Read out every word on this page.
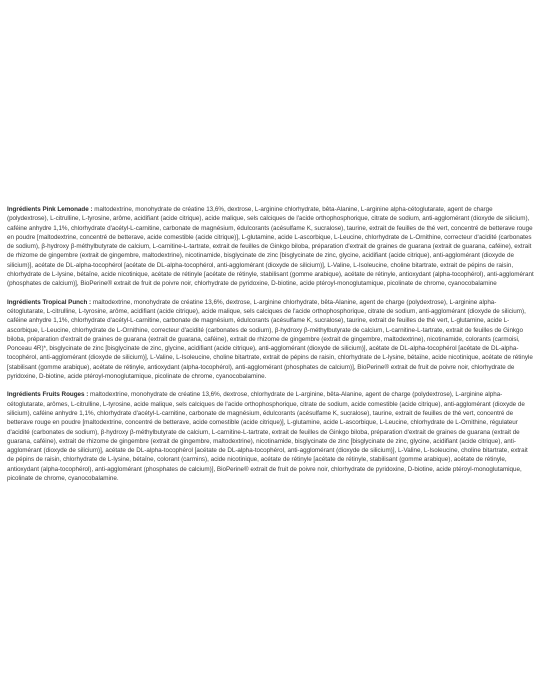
Ingrédients Pink Lemonade : maltodextrine, monohydrate de créatine 13,6%, dextrose, L-arginine chlorhydrate, bêta-Alanine, L-arginine alpha-cétoglutarate, agent de charge (polydextrose), L-citrulline, L-tyrosine, arôme, acidifiant (acide citrique), acide malique, sels calciques de l'acide orthophosphorique, citrate de sodium, anti-agglomérant (dioxyde de silicium), caféine anhydre 1,1%, chlorhydrate d'acétyl-L-carnitine, carbonate de magnésium, édulcorants (acésulfame K, sucralose), taurine, extrait de feuilles de thé vert, concentré de betterave rouge en poudre [maltodextrine, concentré de betterave, acide comestible (acide citrique)], L-glutamine, acide L-ascorbique, L-Leucine, chlorhydrate de L-Ornithine, correcteur d'acidité (carbonates de sodium), β-hydroxy β-méthylbutyrate de calcium, L-carnitine-L-tartrate, extrait de feuilles de Ginkgo biloba, préparation d'extrait de graines de guarana (extrait de guarana, caféine), extrait de rhizome de gingembre (extrait de gingembre, maltodextrine), nicotinamide, bisglycinate de zinc [bisglycinate de zinc, glycine, acidifiant (acide citrique), anti-agglomérant (dioxyde de silicium)], acétate de DL-alpha-tocophérol [acétate de DL-alpha-tocophérol, anti-agglomérant (dioxyde de silicium)], L-Valine, L-Isoleucine, choline bitartrate, extrait de pépins de raisin, chlorhydrate de L-lysine, bétaïne, acide nicotinique, acétate de rétinyle [acétate de rétinyle, stabilisant (gomme arabique), acétate de rétinyle, antioxydant (alpha-tocophérol), anti-agglomérant (phosphates de calcium)], BioPerine® extrait de fruit de poivre noir, chlorhydrate de pyridoxine, D-biotine, acide ptéroyl-monoglutamique, picolinate de chrome, cyanocobalamine

Ingrédients Tropical Punch : maltodextrine, monohydrate de créatine 13,6%, dextrose, L-arginine chlorhydrate, bêta-Alanine, agent de charge (polydextrose), L-arginine alpha-cétoglutarate, L-citrulline, L-tyrosine, arôme, acidifiant (acide citrique), acide malique, sels calciques de l'acide orthophosphorique, citrate de sodium, anti-agglomérant (dioxyde de silicium), caféine anhydre 1,1%, chlorhydrate d'acétyl-L-carnitine, carbonate de magnésium, édulcorants (acésulfame K, sucralose), taurine, extrait de feuilles de thé vert, L-glutamine, acide L-ascorbique, L-Leucine, chlorhydrate de L-Ornithine, correcteur d'acidité (carbonates de sodium), β-hydroxy β-méthylbutyrate de calcium, L-carnitine-L-tartrate, extrait de feuilles de Ginkgo biloba, préparation d'extrait de graines de guarana (extrait de guarana, caféine), extrait de rhizome de gingembre (extrait de gingembre, maltodextrine), nicotinamide, colorants (carmoisi, Ponceau 4R)*, bisglycinate de zinc [bisglycinate de zinc, glycine, acidifiant (acide citrique), anti-agglomérant (dioxyde de silicium)], acétate de DL-alpha-tocophérol [acétate de DL-alpha-tocophérol, anti-agglomérant (dioxyde de silicium)], L-Valine, L-Isoleucine, choline bitartrate, extrait de pépins de raisin, chlorhydrate de L-lysine, bétaïne, acide nicotinique, acétate de rétinyle [stabilisant (gomme arabique), acétate de rétinyle, antioxydant (alpha-tocophérol), anti-agglomérant (phosphates de calcium)], BioPerine® extrait de fruit de poivre noir, chlorhydrate de pyridoxine, D-biotine, acide ptéroyl-monoglutamique, picolinate de chrome, cyanocobalamine.

Ingrédients Fruits Rouges : maltodextrine, monohydrate de créatine 13,6%, dextrose, chlorhydrate de L-arginine, bêta-Alanine, agent de charge (polydextrose), L-arginine alpha-cétoglutarate, arômes, L-citrulline, L-tyrosine, acide malique, sels calciques de l'acide orthophosphorique, citrate de sodium, acide comestible (acide citrique), anti-agglomérant (dioxyde de silicium), caféine anhydre 1,1%, chlorhydrate d'acétyl-L-carnitine, carbonate de magnésium, édulcorants (acésulfame K, sucralose), taurine, extrait de feuilles de thé vert, concentré de betterave rouge en poudre [maltodextrine, concentré de betterave, acide comestible (acide citrique)], L-glutamine, acide L-ascorbique, L-Leucine, chlorhydrate de L-Ornithine, régulateur d'acidité (carbonates de sodium), β-hydroxy β-méthylbutyrate de calcium, L-carnitine-L-tartrate, extrait de feuilles de Ginkgo biloba, préparation d'extrait de graines de guarana (extrait de guarana, caféine), extrait de rhizome de gingembre (extrait de gingembre, maltodextrine), nicotinamide, bisglycinate de zinc [bisglycinate de zinc, glycine, acidifiant (acide citrique), anti-agglomérant (dioxyde de silicium)], acétate de DL-alpha-tocophérol [acétate de DL-alpha-tocophérol, anti-agglomérant (dioxyde de silicium)], L-Valine, L-Isoleucine, choline bitartrate, extrait de pépins de raisin, chlorhydrate de L-lysine, bétaïne, colorant (carmins), acide nicotinique, acétate de rétinyle [acétate de rétinyle, stabilisant (gomme arabique), acétate de rétinyle, antioxydant (alpha-tocophérol), anti-agglomérant (phosphates de calcium)], BioPerine® extrait de fruit de poivre noir, chlorhydrate de pyridoxine, D-biotine, acide ptéroyl-monoglutamique, picolinate de chrome, cyanocobalamine.
